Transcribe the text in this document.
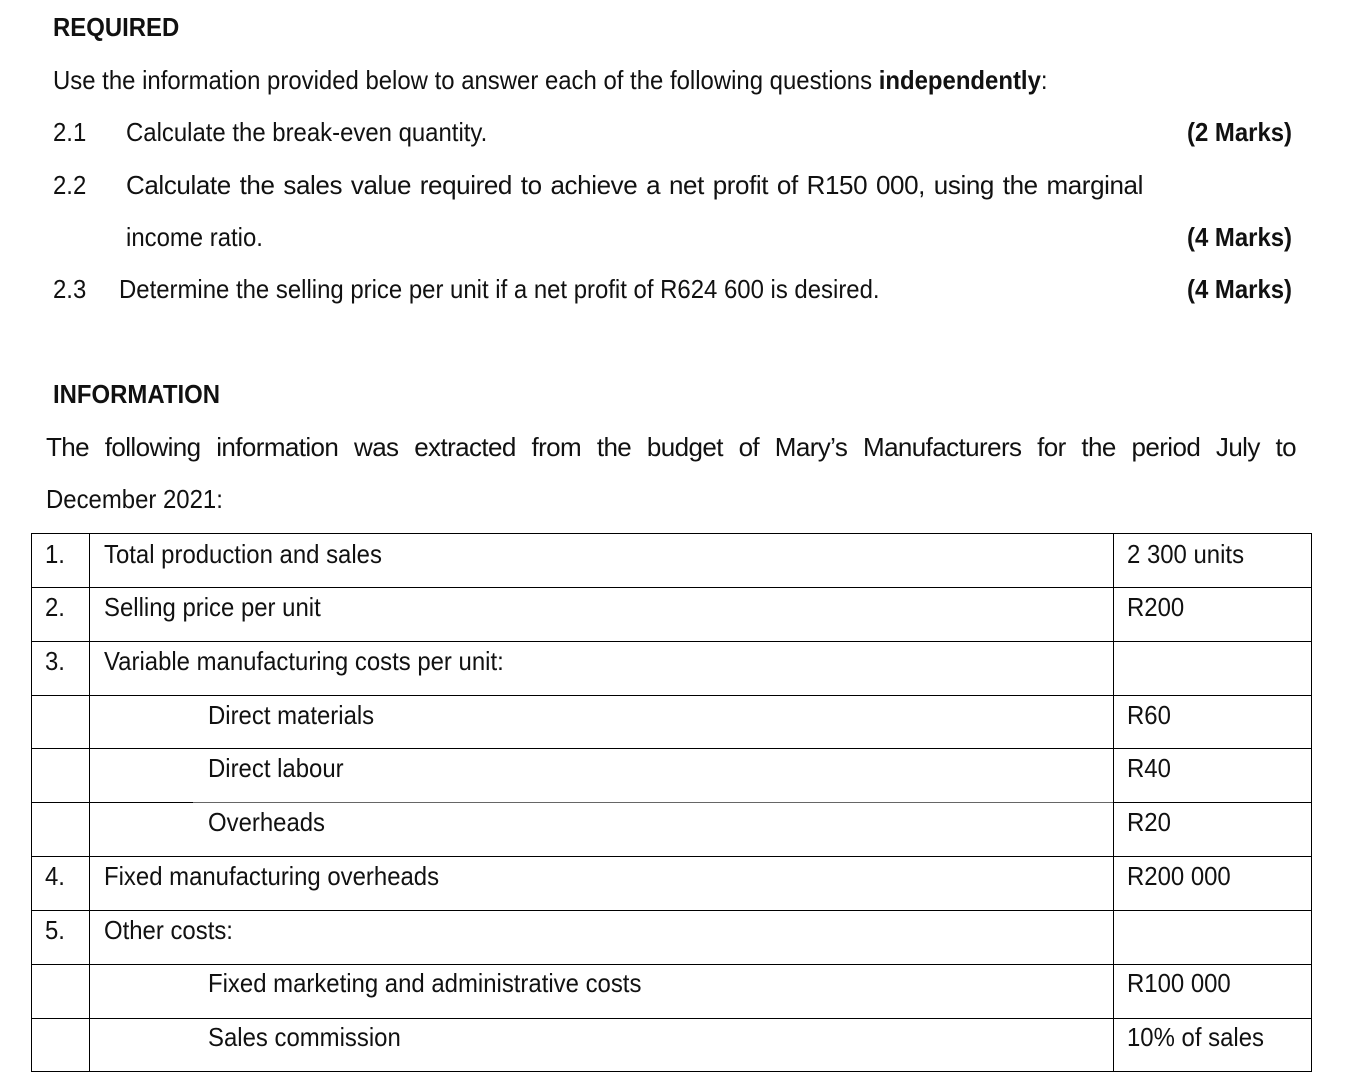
REQUIRED
Use the information provided below to answer each of the following questions independently:
2.1 Calculate the break-even quantity.	(2 Marks)
2.2 Calculate the sales value required to achieve a net profit of R150 000, using the marginal
income ratio.	(4 Marks)
2.3 Determine the selling price per unit if a net profit of R624 600 is desired.	(4 Marks)
INFORMATION
The following information was extracted from the budget of Mary’s Manufacturers for the period July to
December 2021:
1. Total production and sales	2 300 units
2. Selling price per unit	R200
3. Variable manufacturing costs per unit:
Direct materials	R60
Direct labour	R40
Overheads	R20
4. Fixed manufacturing overheads	R200 000
5. Other costs:
Fixed marketing and administrative costs	R100 000
Sales commission	10% of sales
